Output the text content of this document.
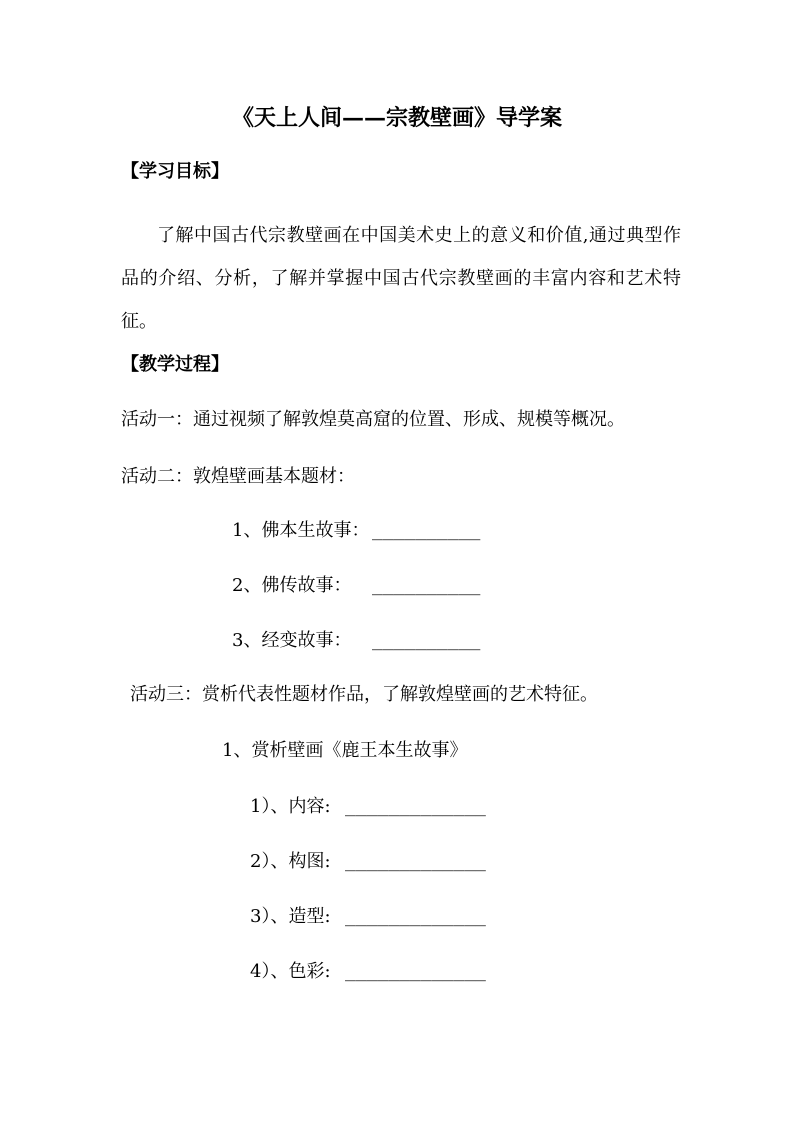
《天上人间——宗教壁画》导学案
【学习目标】
了解中国古代宗教壁画在中国美术史上的意义和价值,通过典型作品的介绍、分析，了解并掌握中国古代宗教壁画的丰富内容和艺术特征。
【教学过程】
活动一：通过视频了解敦煌莫高窟的位置、形成、规模等概况。
活动二：敦煌壁画基本题材：
1、佛本生故事： __________
2、佛传故事： __________
3、经变故事： __________
活动三：赏析代表性题材作品，了解敦煌壁画的艺术特征。
1、赏析壁画《鹿王本生故事》
1）、内容: _____________
2）、构图: _____________
3）、造型: _____________
4）、色彩: _____________
